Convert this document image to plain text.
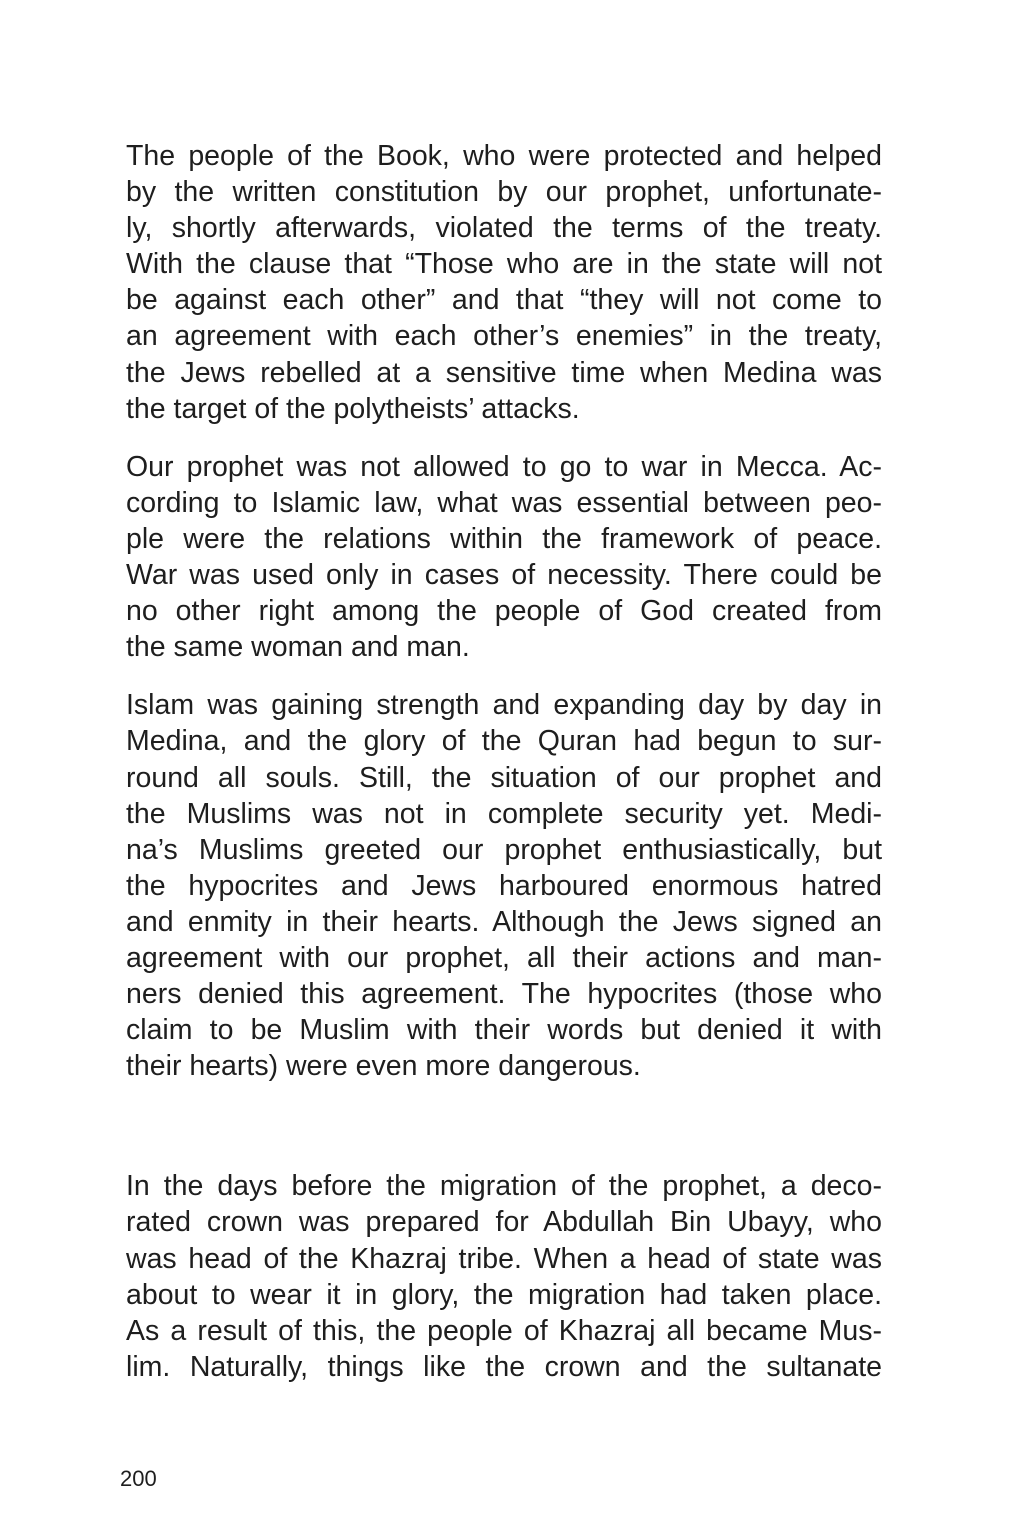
The people of the Book, who were protected and helped
by the written constitution by our prophet, unfortunate-
ly, shortly afterwards, violated the terms of the treaty.
With the clause that “Those who are in the state will not
be against each other” and that “they will not come to
an agreement with each other’s enemies” in the treaty,
the Jews rebelled at a sensitive time when Medina was
the target of the polytheists’ attacks.

Our prophet was not allowed to go to war in Mecca. Ac-
cording to Islamic law, what was essential between peo-
ple were the relations within the framework of peace.
War was used only in cases of necessity. There could be
no other right among the people of God created from
the same woman and man.

Islam was gaining strength and expanding day by day in
Medina, and the glory of the Quran had begun to sur-
round all souls. Still, the situation of our prophet and
the Muslims was not in complete security yet. Medi-
na’s Muslims greeted our prophet enthusiastically, but
the hypocrites and Jews harboured enormous hatred
and enmity in their hearts. Although the Jews signed an
agreement with our prophet, all their actions and man-
ners denied this agreement. The hypocrites (those who
claim to be Muslim with their words but denied it with
their hearts) were even more dangerous.

In the days before the migration of the prophet, a deco-
rated crown was prepared for Abdullah Bin Ubayy, who
was head of the Khazraj tribe. When a head of state was
about to wear it in glory, the migration had taken place.
As a result of this, the people of Khazraj all became Mus-
lim. Naturally, things like the crown and the sultanate

200
